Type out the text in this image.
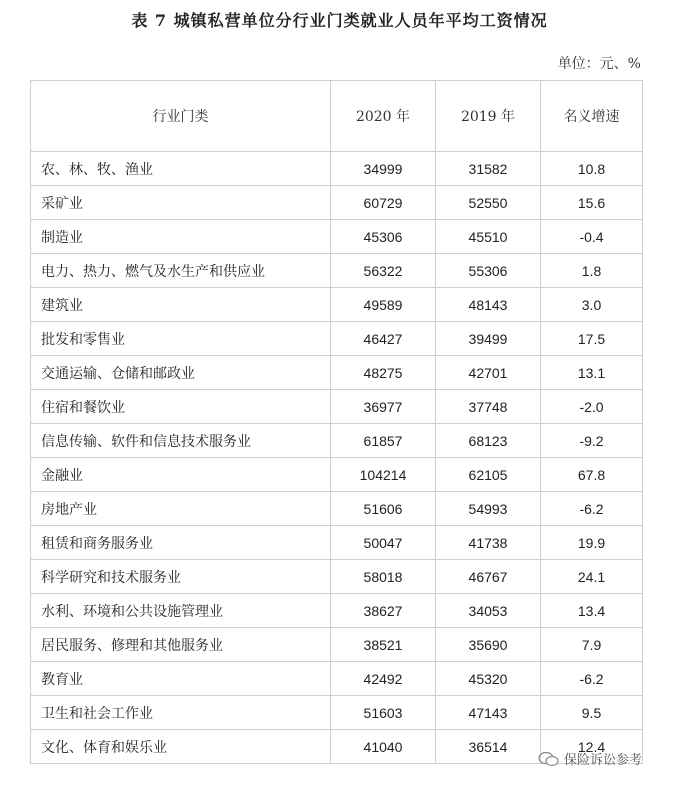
表 7 城镇私营单位分行业门类就业人员年平均工资情况
单位：元、%
行业门类	2020 年	2019 年	名义增速
农、林、牧、渔业	34999	31582	10.8
采矿业	60729	52550	15.6
制造业	45306	45510	-0.4
电力、热力、燃气及水生产和供应业	56322	55306	1.8
建筑业	49589	48143	3.0
批发和零售业	46427	39499	17.5
交通运输、仓储和邮政业	48275	42701	13.1
住宿和餐饮业	36977	37748	-2.0
信息传输、软件和信息技术服务业	61857	68123	-9.2
金融业	104214	62105	67.8
房地产业	51606	54993	-6.2
租赁和商务服务业	50047	41738	19.9
科学研究和技术服务业	58018	46767	24.1
水利、环境和公共设施管理业	38627	34053	13.4
居民服务、修理和其他服务业	38521	35690	7.9
教育业	42492	45320	-6.2
卫生和社会工作业	51603	47143	9.5
文化、体育和娱乐业	41040	36514	12.4
保险诉讼参考
